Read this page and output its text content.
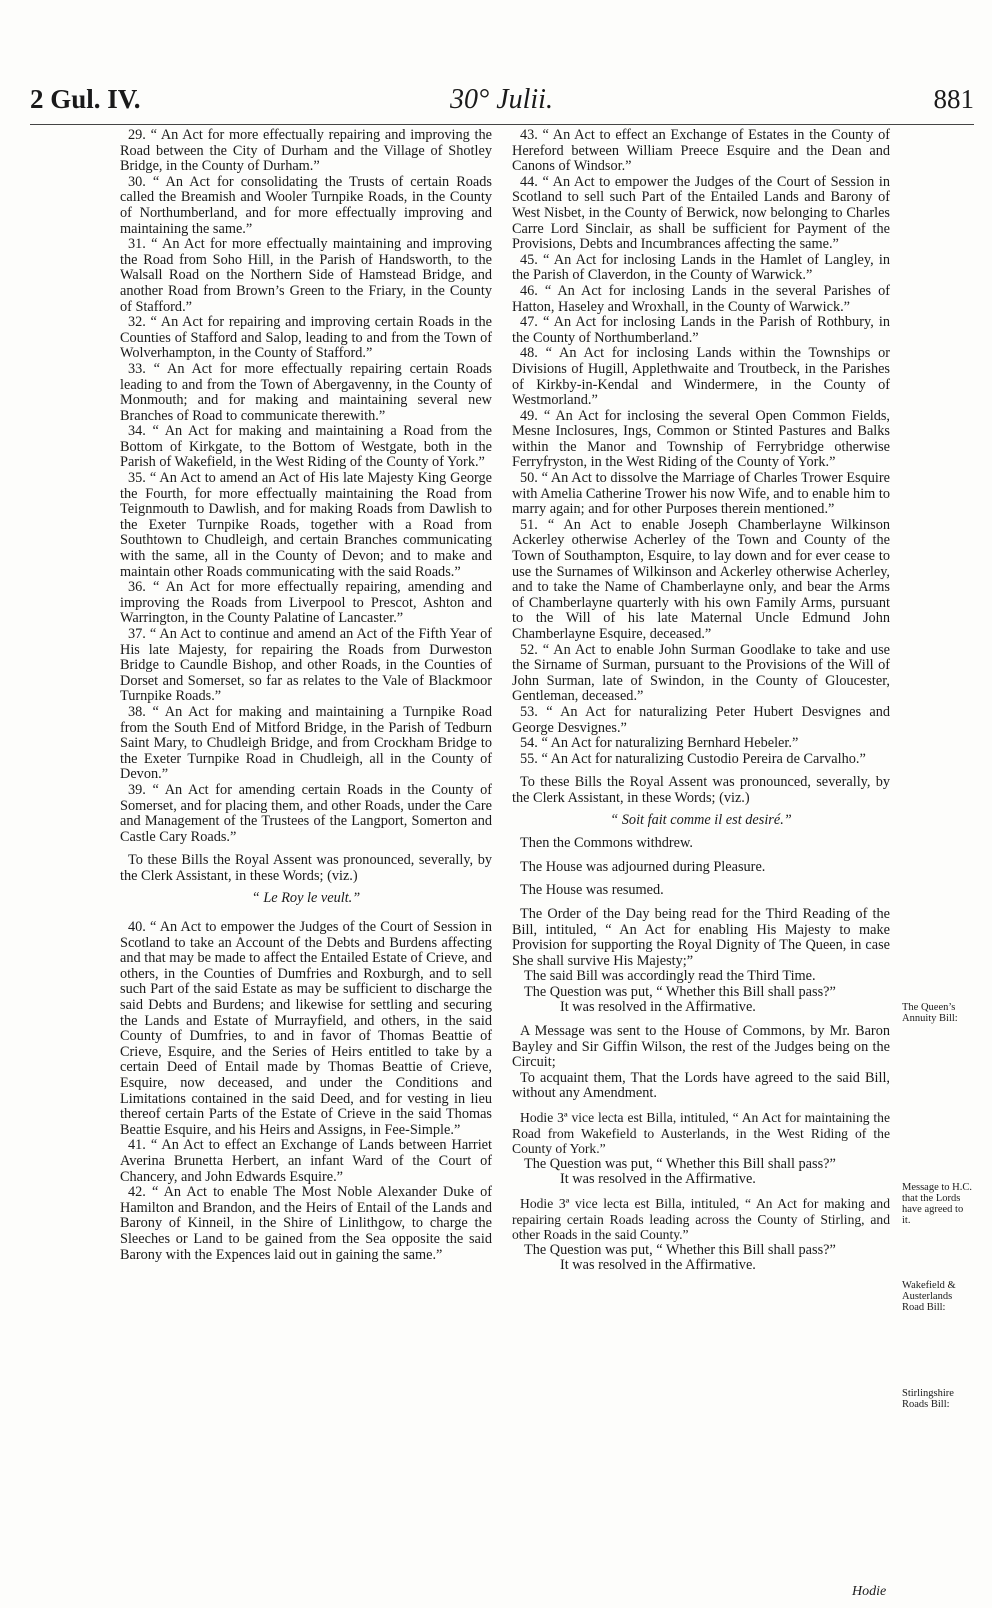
2 Gul. IV.	30° Julii.	881

29. “ An Act for more effectually repairing and improving the Road between the City of Durham and the Village of Shotley Bridge, in the County of Durham.”

30. “ An Act for consolidating the Trusts of certain Roads called the Breamish and Wooler Turnpike Roads, in the County of Northumberland, and for more effectually improving and maintaining the same.”

31. “ An Act for more effectually maintaining and improving the Road from Soho Hill, in the Parish of Handsworth, to the Walsall Road on the Northern Side of Hamstead Bridge, and another Road from Brown’s Green to the Friary, in the County of Stafford.”

32. “ An Act for repairing and improving certain Roads in the Counties of Stafford and Salop, leading to and from the Town of Wolverhampton, in the County of Stafford.”

33. “ An Act for more effectually repairing certain Roads leading to and from the Town of Abergavenny, in the County of Monmouth; and for making and maintaining several new Branches of Road to communicate therewith.”

34. “ An Act for making and maintaining a Road from the Bottom of Kirkgate, to the Bottom of Westgate, both in the Parish of Wakefield, in the West Riding of the County of York.”

35. “ An Act to amend an Act of His late Majesty King George the Fourth, for more effectually maintaining the Road from Teignmouth to Dawlish, and for making Roads from Dawlish to the Exeter Turnpike Roads, together with a Road from Southtown to Chudleigh, and certain Branches communicating with the same, all in the County of Devon; and to make and maintain other Roads communicating with the said Roads.”

36. “ An Act for more effectually repairing, amending and improving the Roads from Liverpool to Prescot, Ashton and Warrington, in the County Palatine of Lancaster.”

37. “ An Act to continue and amend an Act of the Fifth Year of His late Majesty, for repairing the Roads from Durweston Bridge to Caundle Bishop, and other Roads, in the Counties of Dorset and Somerset, so far as relates to the Vale of Blackmoor Turnpike Roads.”

38. “ An Act for making and maintaining a Turnpike Road from the South End of Mitford Bridge, in the Parish of Tedburn Saint Mary, to Chudleigh Bridge, and from Crockham Bridge to the Exeter Turnpike Road in Chudleigh, all in the County of Devon.”

39. “ An Act for amending certain Roads in the County of Somerset, and for placing them, and other Roads, under the Care and Management of the Trustees of the Langport, Somerton and Castle Cary Roads.”

To these Bills the Royal Assent was pronounced, severally, by the Clerk Assistant, in these Words; (viz.)

“ Le Roy le veult.”

40. “ An Act to empower the Judges of the Court of Session in Scotland to take an Account of the Debts and Burdens affecting and that may be made to affect the Entailed Estate of Crieve, and others, in the Counties of Dumfries and Roxburgh, and to sell such Part of the said Estate as may be sufficient to discharge the said Debts and Burdens; and likewise for settling and securing the Lands and Estate of Murrayfield, and others, in the said County of Dumfries, to and in favor of Thomas Beattie of Crieve, Esquire, and the Series of Heirs entitled to take by a certain Deed of Entail made by Thomas Beattie of Crieve, Esquire, now deceased, and under the Conditions and Limitations contained in the said Deed, and for vesting in lieu thereof certain Parts of the Estate of Crieve in the said Thomas Beattie Esquire, and his Heirs and Assigns, in Fee-Simple.”

41. “ An Act to effect an Exchange of Lands between Harriet Averina Brunetta Herbert, an infant Ward of the Court of Chancery, and John Edwards Esquire.”

42. “ An Act to enable The Most Noble Alexander Duke of Hamilton and Brandon, and the Heirs of Entail of the Lands and Barony of Kinneil, in the Shire of Linlithgow, to charge the Sleeches or Land to be gained from the Sea opposite the said Barony with the Expences laid out in gaining the same.”

43. “ An Act to effect an Exchange of Estates in the County of Hereford between William Preece Esquire and the Dean and Canons of Windsor.”

44. “ An Act to empower the Judges of the Court of Session in Scotland to sell such Part of the Entailed Lands and Barony of West Nisbet, in the County of Berwick, now belonging to Charles Carre Lord Sinclair, as shall be sufficient for Payment of the Provisions, Debts and Incumbrances affecting the same.”

45. “ An Act for inclosing Lands in the Hamlet of Langley, in the Parish of Claverdon, in the County of Warwick.”

46. “ An Act for inclosing Lands in the several Parishes of Hatton, Haseley and Wroxhall, in the County of Warwick.”

47. “ An Act for inclosing Lands in the Parish of Rothbury, in the County of Northumberland.”

48. “ An Act for inclosing Lands within the Townships or Divisions of Hugill, Applethwaite and Troutbeck, in the Parishes of Kirkby-in-Kendal and Windermere, in the County of Westmorland.”

49. “ An Act for inclosing the several Open Common Fields, Mesne Inclosures, Ings, Common or Stinted Pastures and Balks within the Manor and Township of Ferrybridge otherwise Ferryfryston, in the West Riding of the County of York.”

50. “ An Act to dissolve the Marriage of Charles Trower Esquire with Amelia Catherine Trower his now Wife, and to enable him to marry again; and for other Purposes therein mentioned.”

51. “ An Act to enable Joseph Chamberlayne Wilkinson Ackerley otherwise Acherley of the Town and County of the Town of Southampton, Esquire, to lay down and for ever cease to use the Surnames of Wilkinson and Ackerley otherwise Acherley, and to take the Name of Chamberlayne only, and bear the Arms of Chamberlayne quarterly with his own Family Arms, pursuant to the Will of his late Maternal Uncle Edmund John Chamberlayne Esquire, deceased.”

52. “ An Act to enable John Surman Goodlake to take and use the Sirname of Surman, pursuant to the Provisions of the Will of John Surman, late of Swindon, in the County of Gloucester, Gentleman, deceased.”

53. “ An Act for naturalizing Peter Hubert Desvignes and George Desvignes.”

54. “ An Act for naturalizing Bernhard Hebeler.”

55. “ An Act for naturalizing Custodio Pereira de Carvalho.”

To these Bills the Royal Assent was pronounced, severally, by the Clerk Assistant, in these Words; (viz.)

“ Soit fait comme il est desiré.”

Then the Commons withdrew.

The House was adjourned during Pleasure.

The House was resumed.

The Order of the Day being read for the Third Reading of the Bill, intituled, “ An Act for enabling His Majesty to make Provision for supporting the Royal Dignity of The Queen, in case She shall survive His Majesty;”

The said Bill was accordingly read the Third Time.

The Question was put, “ Whether this Bill shall pass?”

It was resolved in the Affirmative.

A Message was sent to the House of Commons, by Mr. Baron Bayley and Sir Giffin Wilson, the rest of the Judges being on the Circuit;

To acquaint them, That the Lords have agreed to the said Bill, without any Amendment.

Hodie 3ª vice lecta est Billa, intituled, “ An Act for maintaining the Road from Wakefield to Austerlands, in the West Riding of the County of York.”

The Question was put, “ Whether this Bill shall pass?”

It was resolved in the Affirmative.

Hodie 3ª vice lecta est Billa, intituled, “ An Act for making and repairing certain Roads leading across the County of Stirling, and other Roads in the said County.”

The Question was put, “ Whether this Bill shall pass?”

It was resolved in the Affirmative.

The Queen’s Annuity Bill:
Message to H.C. that the Lords have agreed to it.
Wakefield & Austerlands Road Bill:
Stirlingshire Roads Bill:
Hodie
